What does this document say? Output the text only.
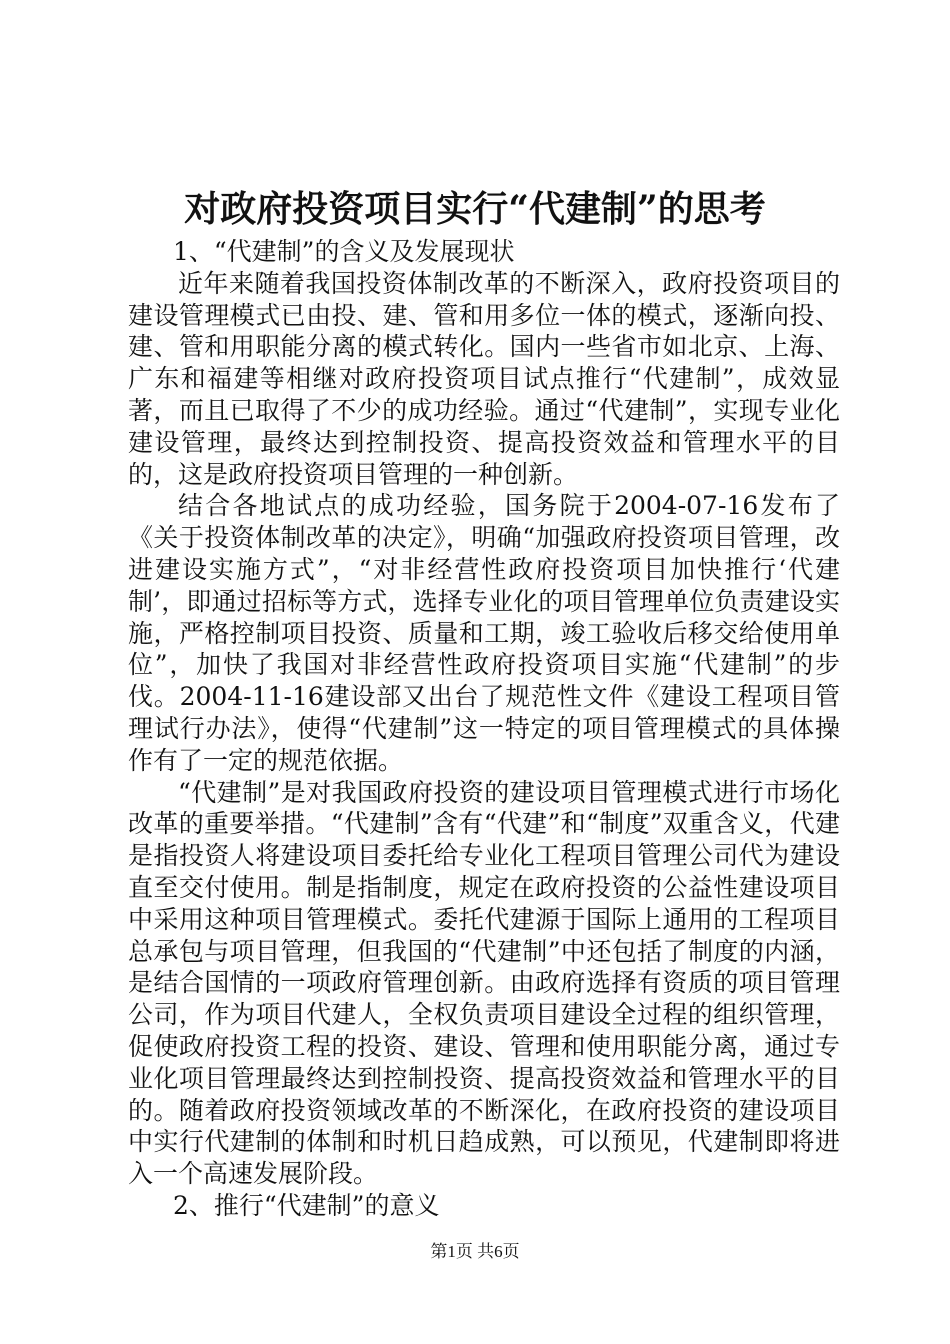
对政府投资项目实行“代建制”的思考

1、“代建制”的含义及发展现状

近年来随着我国投资体制改革的不断深入，政府投资项目的建设管理模式已由投、建、管和用多位一体的模式，逐渐向投、建、管和用职能分离的模式转化。国内一些省市如北京、上海、广东和福建等相继对政府投资项目试点推行“代建制”，成效显著，而且已取得了不少的成功经验。通过“代建制”，实现专业化建设管理，最终达到控制投资、提高投资效益和管理水平的目的，这是政府投资项目管理的一种创新。

结合各地试点的成功经验，国务院于2004-07-16发布了《关于投资体制改革的决定》，明确“加强政府投资项目管理，改进建设实施方式”，“对非经营性政府投资项目加快推行‘代建制’，即通过招标等方式，选择专业化的项目管理单位负责建设实施，严格控制项目投资、质量和工期，竣工验收后移交给使用单位”，加快了我国对非经营性政府投资项目实施“代建制”的步伐。2004-11-16建设部又出台了规范性文件《建设工程项目管理试行办法》，使得“代建制”这一特定的项目管理模式的具体操作有了一定的规范依据。

“代建制”是对我国政府投资的建设项目管理模式进行市场化改革的重要举措。“代建制”含有“代建”和“制度”双重含义，代建是指投资人将建设项目委托给专业化工程项目管理公司代为建设直至交付使用。制是指制度，规定在政府投资的公益性建设项目中采用这种项目管理模式。委托代建源于国际上通用的工程项目总承包与项目管理，但我国的“代建制”中还包括了制度的内涵，是结合国情的一项政府管理创新。由政府选择有资质的项目管理公司，作为项目代建人，全权负责项目建设全过程的组织管理，促使政府投资工程的投资、建设、管理和使用职能分离，通过专业化项目管理最终达到控制投资、提高投资效益和管理水平的目的。随着政府投资领域改革的不断深化，在政府投资的建设项目中实行代建制的体制和时机日趋成熟，可以预见，代建制即将进入一个高速发展阶段。

2、推行“代建制”的意义

第1页 共6页
